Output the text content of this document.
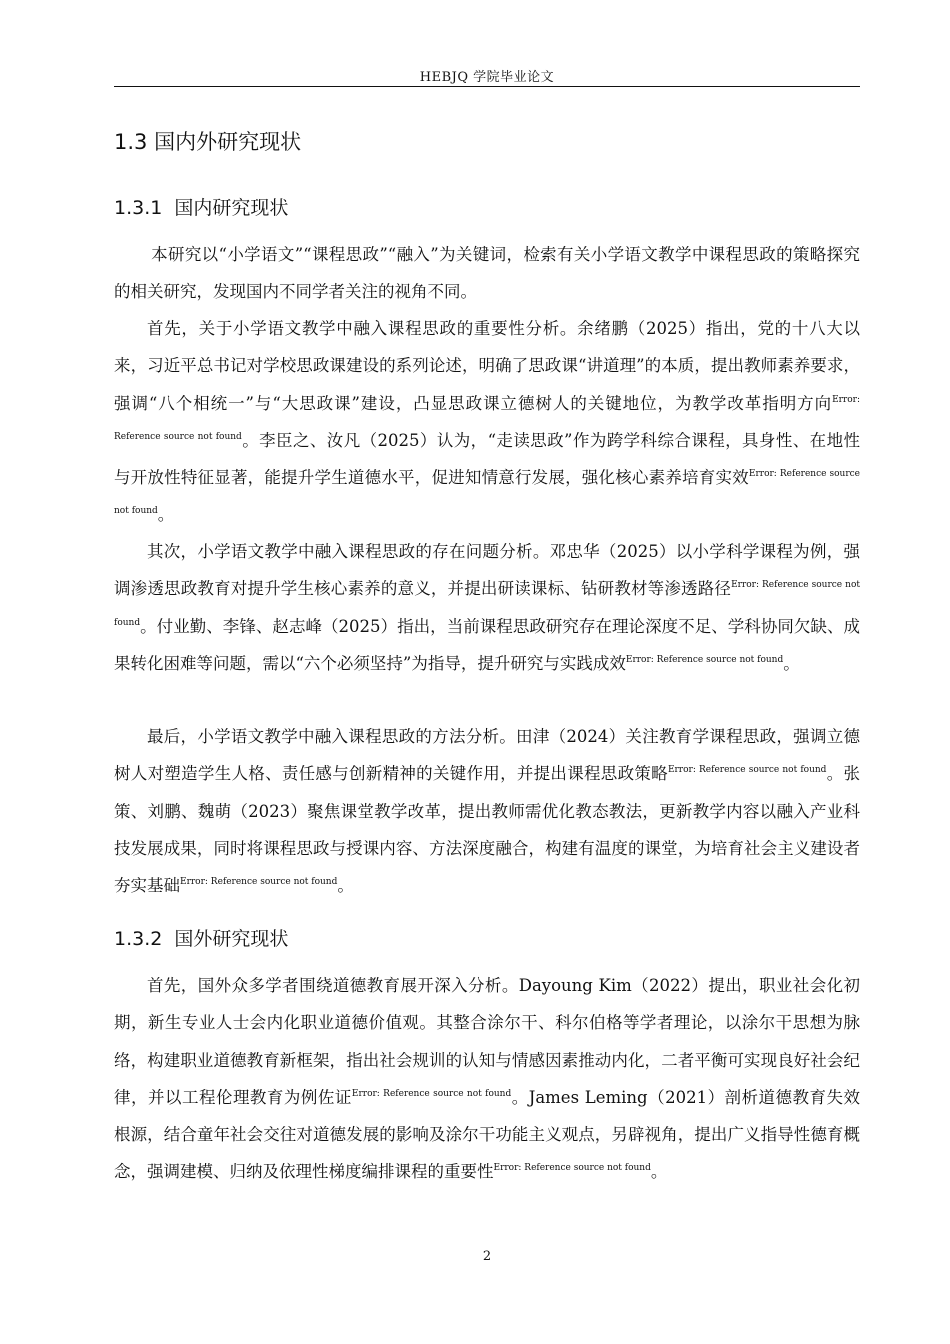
HEBJQ 学院毕业论文
1.3 国内外研究现状
1.3.1 国内研究现状

本研究以“小学语文”“课程思政”“融入”为关键词，检索有关小学语文教学中课程思政的策略探究的相关研究，发现国内不同学者关注的视角不同。

首先，关于小学语文教学中融入课程思政的重要性分析。余绪鹏（2025）指出，党的十八大以来，习近平总书记对学校思政课建设的系列论述，明确了思政课“讲道理”的本质，提出教师素养要求，强调“八个相统一”与“大思政课”建设，凸显思政课立德树人的关键地位，为教学改革指明方向$^{Error: Reference source not found}$。李臣之、汝凡（2025）认为，“走读思政”作为跨学科综合课程，具身性、在地性与开放性特征显著，能提升学生道德水平，促进知情意行发展，强化核心素养培育实效$^{Error: Reference source not found}$。

其次，小学语文教学中融入课程思政的存在问题分析。邓忠华（2025）以小学科学课程为例，强调渗透思政教育对提升学生核心素养的意义，并提出研读课标、钻研教材等渗透路径$^{Error: Reference source not found}$。付业勤、李锋、赵志峰（2025）指出，当前课程思政研究存在理论深度不足、学科协同欠缺、成果转化困难等问题，需以“六个必须坚持”为指导，提升研究与实践成效$^{Error: Reference source not found}$。

最后，小学语文教学中融入课程思政的方法分析。田津（2024）关注教育学课程思政，强调立德树人对塑造学生人格、责任感与创新精神的关键作用，并提出课程思政策略$^{Error: Reference source not found}$。张策、刘鹏、魏萌（2023）聚焦课堂教学改革，提出教师需优化教态教法，更新教学内容以融入产业科技发展成果，同时将课程思政与授课内容、方法深度融合，构建有温度的课堂，为培育社会主义建设者夯实基础$^{Error: Reference source not found}$。

1.3.2 国外研究现状

首先，国外众多学者围绕道德教育展开深入分析。Dayoung Kim（2022）提出，职业社会化初期，新生专业人士会内化职业道德价值观。其整合涂尔干、科尔伯格等学者理论，以涂尔干思想为脉络，构建职业道德教育新框架，指出社会规训的认知与情感因素推动内化，二者平衡可实现良好社会纪律，并以工程伦理教育为例佐证$^{Error: Reference source not found}$。James Leming（2021）剖析道德教育失效根源，结合童年社会交往对道德发展的影响及涂尔干功能主义观点，另辟视角，提出广义指导性德育概念，强调建模、归纳及依理性梯度编排课程的重要性$^{Error: Reference source not found}$。

2
